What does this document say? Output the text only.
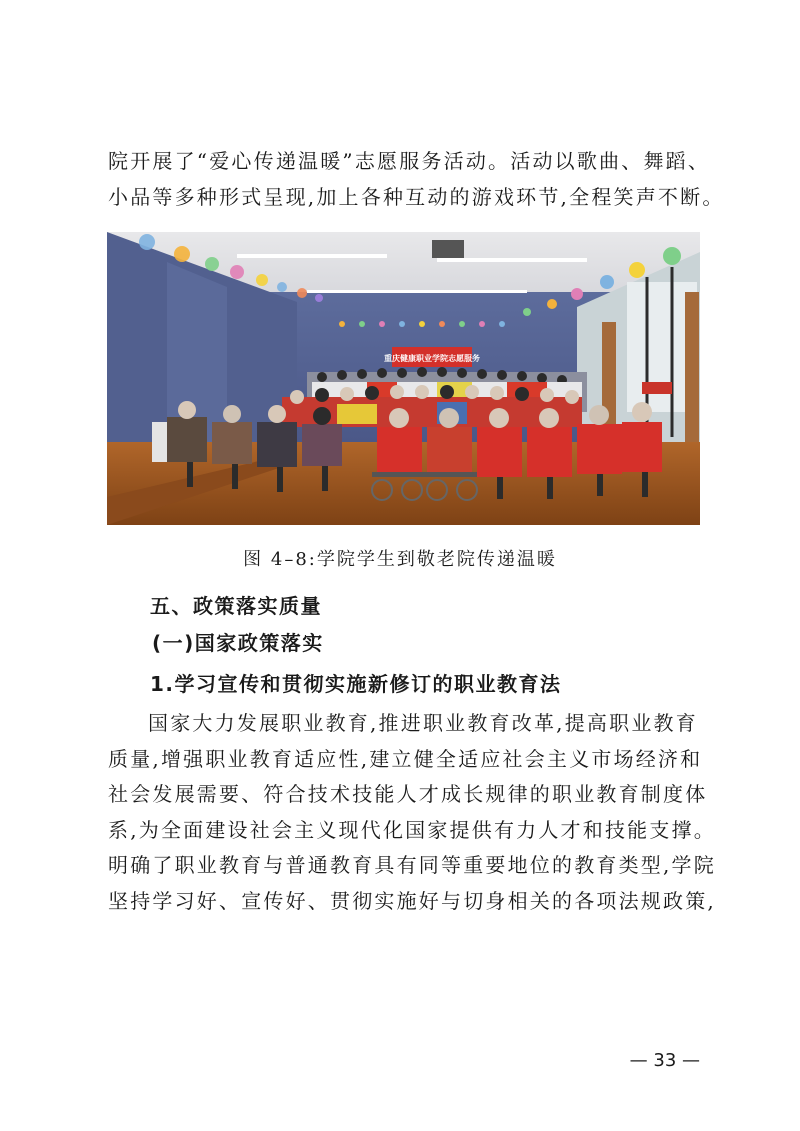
院开展了“爱心传递温暖”志愿服务活动。活动以歌曲、舞蹈、
小品等多种形式呈现,加上各种互动的游戏环节,全程笑声不断。
重庆健康职业学院志愿服务
图 4–8:学院学生到敬老院传递温暖
五、政策落实质量
(一)国家政策落实
1.学习宣传和贯彻实施新修订的职业教育法
国家大力发展职业教育,推进职业教育改革,提高职业教育
质量,增强职业教育适应性,建立健全适应社会主义市场经济和
社会发展需要、符合技术技能人才成长规律的职业教育制度体
系,为全面建设社会主义现代化国家提供有力人才和技能支撑。
明确了职业教育与普通教育具有同等重要地位的教育类型,学院
坚持学习好、宣传好、贯彻实施好与切身相关的各项法规政策,
— 33 —
